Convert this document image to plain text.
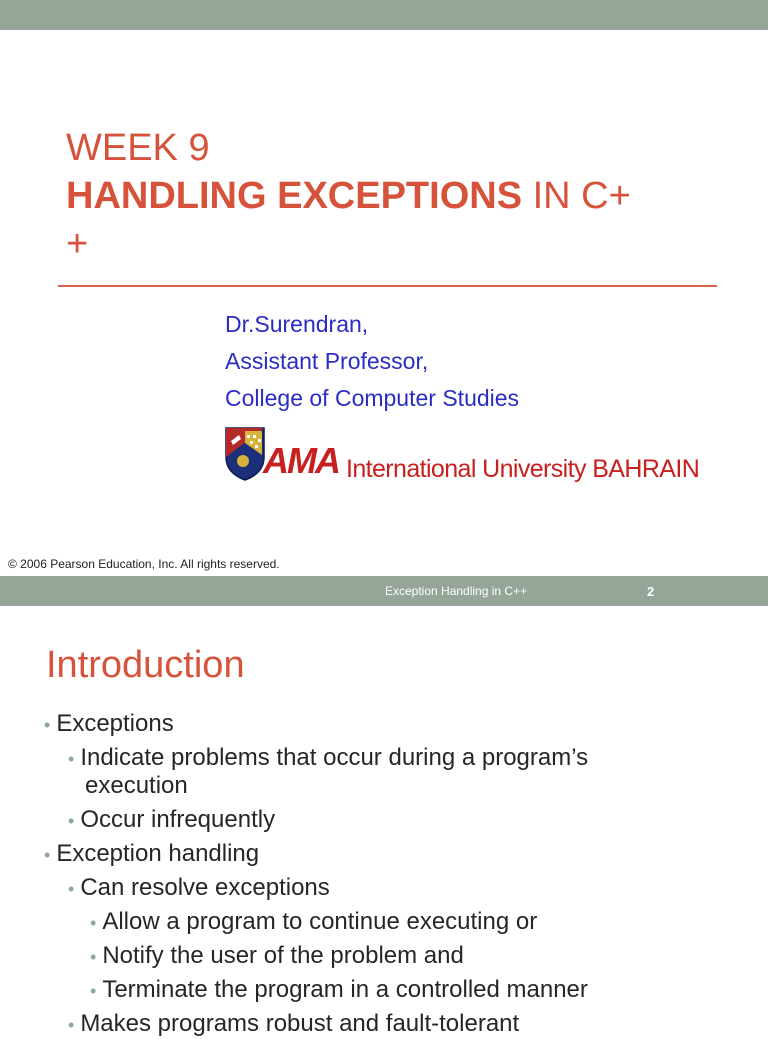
WEEK 9
HANDLING EXCEPTIONS IN C+
+
Dr.Surendran,
Assistant Professor,
College of Computer Studies
AMA International University BAHRAIN
© 2006 Pearson Education, Inc. All rights reserved.
Exception Handling in C++	2
Introduction
• Exceptions
• Indicate problems that occur during a program’s
execution
• Occur infrequently
• Exception handling
• Can resolve exceptions
• Allow a program to continue executing or
• Notify the user of the problem and
• Terminate the program in a controlled manner
• Makes programs robust and fault-tolerant
